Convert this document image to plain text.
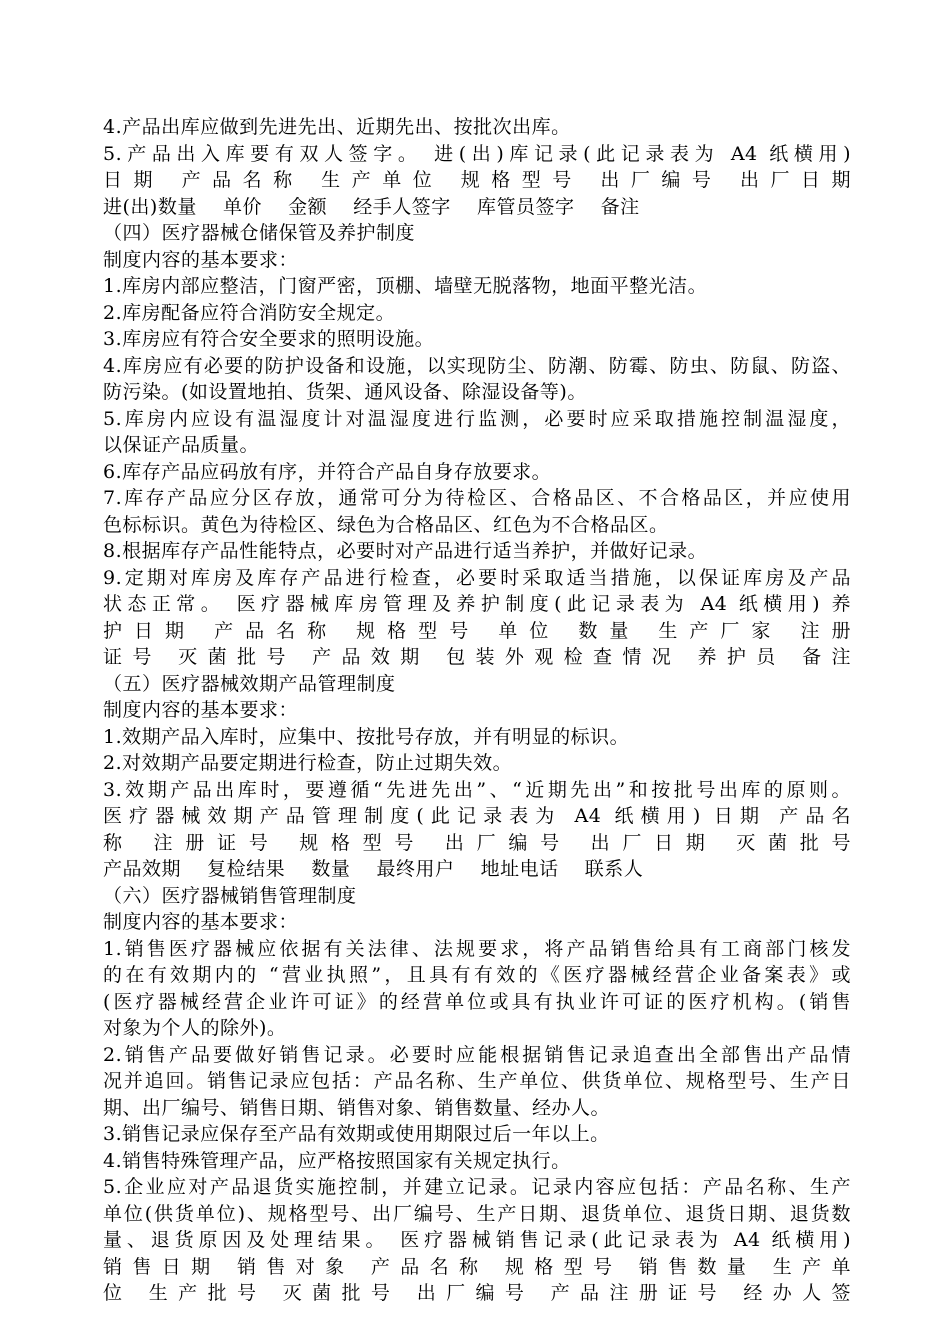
4.产品出库应做到先进先出、近期先出、按批次出库。
5.产品出入库要有双人签字。 进(出)库记录(此记录表为 A4 纸横用)
日期 产品名称 生产单位 规格型号 出厂编号 出厂日期
进(出)数量    单价    金额    经手人签字    库管员签字    备注
（四）医疗器械仓储保管及养护制度
制度内容的基本要求：
1.库房内部应整洁，门窗严密，顶棚、墙壁无脱落物，地面平整光洁。
2.库房配备应符合消防安全规定。
3.库房应有符合安全要求的照明设施。
4.库房应有必要的防护设备和设施，以实现防尘、防潮、防霉、防虫、防鼠、防盗、
防污染。(如设置地拍、货架、通风设备、除湿设备等)。
5.库房内应设有温湿度计对温湿度进行监测，必要时应采取措施控制温湿度，
以保证产品质量。
6.库存产品应码放有序，并符合产品自身存放要求。
7.库存产品应分区存放，通常可分为待检区、合格品区、不合格品区，并应使用
色标标识。黄色为待检区、绿色为合格品区、红色为不合格品区。
8.根据库存产品性能特点，必要时对产品进行适当养护，并做好记录。
9.定期对库房及库存产品进行检查，必要时采取适当措施，以保证库房及产品
状态正常。 医疗器械库房管理及养护制度(此记录表为 A4 纸横用) 养
护日期 产品名称 规格型号 单位 数量 生产厂家 注册
证号 灭菌批号 产品效期 包装外观检查情况 养护员 备注
（五）医疗器械效期产品管理制度
制度内容的基本要求：
1.效期产品入库时，应集中、按批号存放，并有明显的标识。
2.对效期产品要定期进行检查，防止过期失效。
3.效期产品出库时，要遵循“先进先出”、“近期先出”和按批号出库的原则。
医疗器械效期产品管理制度(此记录表为 A4 纸横用) 日期 产品名
称 注册证号 规格型号 出厂编号 出厂日期 灭菌批号
产品效期    复检结果    数量    最终用户    地址电话    联系人
（六）医疗器械销售管理制度
制度内容的基本要求：
1.销售医疗器械应依据有关法律、法规要求，将产品销售给具有工商部门核发
的在有效期内的 “营业执照”，且具有有效的《医疗器械经营企业备案表》或
(医疗器械经营企业许可证》的经营单位或具有执业许可证的医疗机构。(销售
对象为个人的除外)。
2.销售产品要做好销售记录。必要时应能根据销售记录追查出全部售出产品情
况并追回。销售记录应包括：产品名称、生产单位、供货单位、规格型号、生产日
期、出厂编号、销售日期、销售对象、销售数量、经办人。
3.销售记录应保存至产品有效期或使用期限过后一年以上。
4.销售特殊管理产品，应严格按照国家有关规定执行。
5.企业应对产品退货实施控制，并建立记录。记录内容应包括：产品名称、生产
单位(供货单位)、规格型号、出厂编号、生产日期、退货单位、退货日期、退货数
量、退货原因及处理结果。 医疗器械销售记录(此记录表为 A4 纸横用)
销售日期 销售对象 产品名称 规格型号 销售数量 生产单
位 生产批号 灭菌批号 出厂编号 产品注册证号 经办人签
